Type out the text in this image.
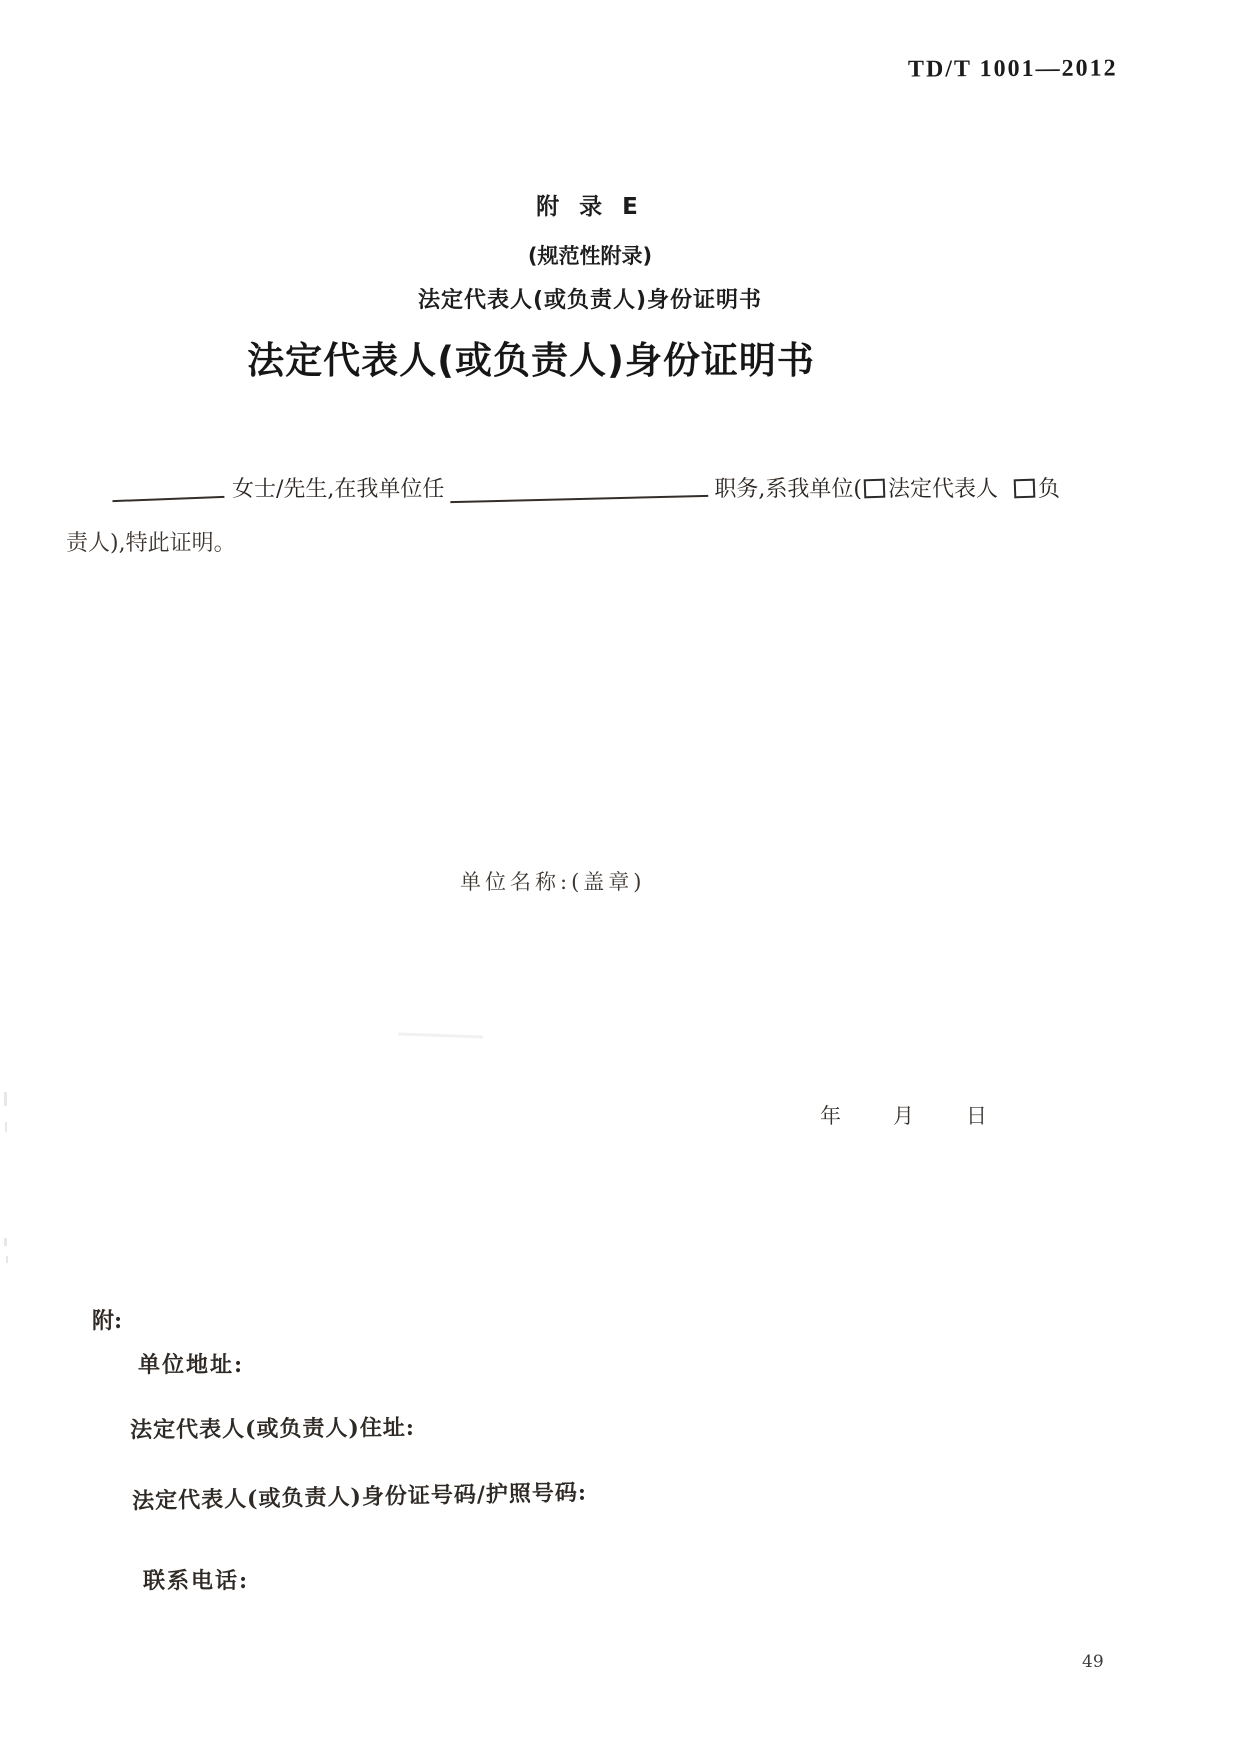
TD/T 1001—2012
附 录 E
(规范性附录)
法定代表人(或负责人)身份证明书
法定代表人(或负责人)身份证明书
女士/先生,在我单位任	职务,系我单位( 法定代表人 负
责人),特此证明。
单位名称:(盖章)
年 月 日
附:
单位地址:
法定代表人(或负责人)住址:
法定代表人(或负责人)身份证号码/护照号码:
联系电话:
49
